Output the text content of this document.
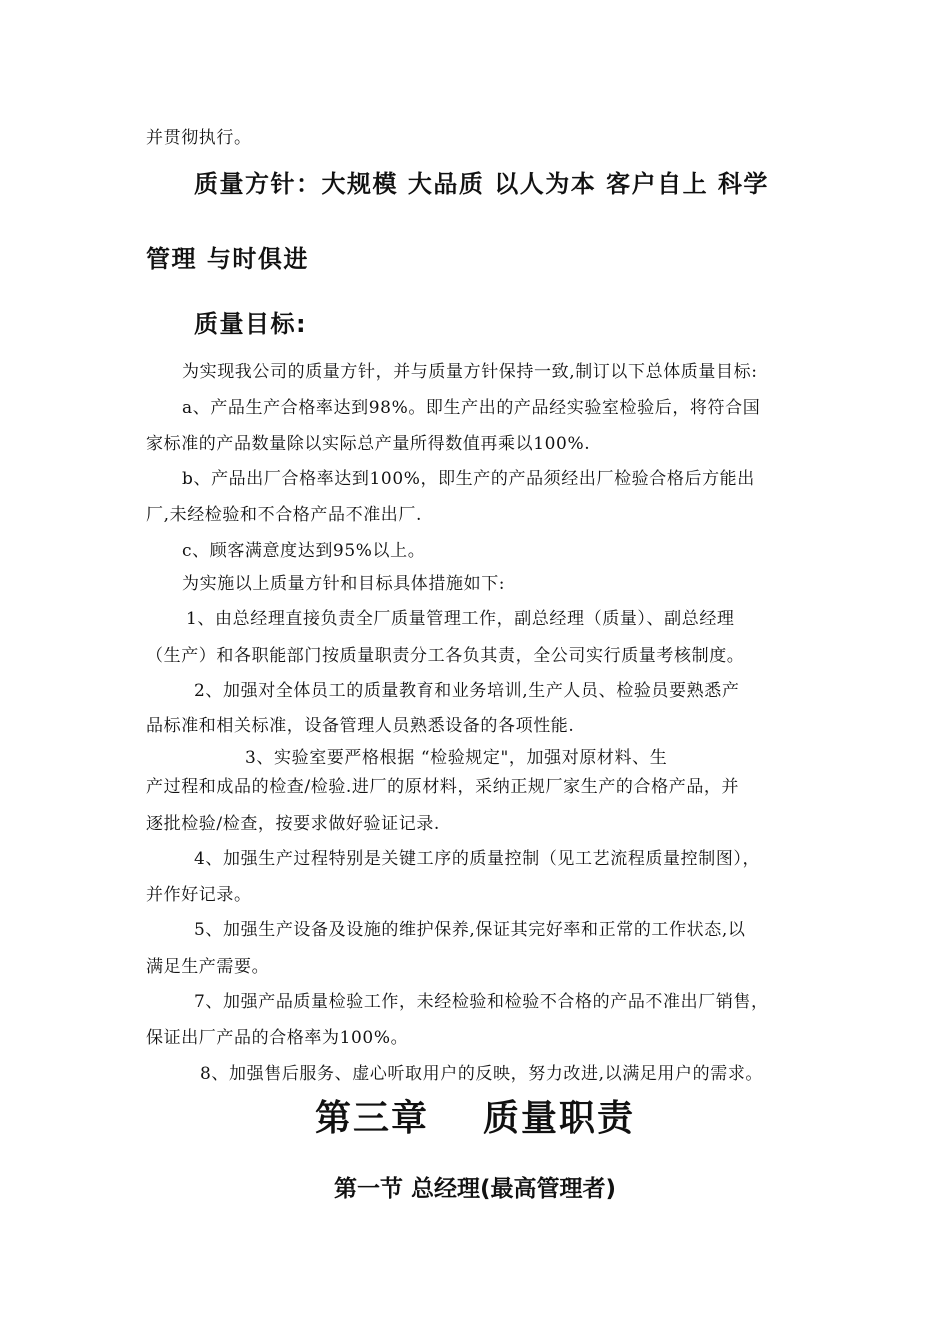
并贯彻执行。
质量方针：大规模 大品质 以人为本 客户自上 科学
管理 与时俱进
质量目标:
为实现我公司的质量方针，并与质量方针保持一致,制订以下总体质量目标:
a、产品生产合格率达到98%。即生产出的产品经实验室检验后，将符合国
家标准的产品数量除以实际总产量所得数值再乘以100%.
b、产品出厂合格率达到100%，即生产的产品须经出厂检验合格后方能出
厂,未经检验和不合格产品不准出厂.
c、顾客满意度达到95%以上。
为实施以上质量方针和目标具体措施如下:
1、由总经理直接负责全厂质量管理工作，副总经理（质量）、副总经理
（生产）和各职能部门按质量职责分工各负其责，全公司实行质量考核制度。
2、加强对全体员工的质量教育和业务培训,生产人员、检验员要熟悉产
品标准和相关标准，设备管理人员熟悉设备的各项性能.
3、实验室要严格根据 “检验规定"，加强对原材料、生
产过程和成品的检查/检验.进厂的原材料，采纳正规厂家生产的合格产品，并
逐批检验/检查，按要求做好验证记录.
4、加强生产过程特别是关键工序的质量控制（见工艺流程质量控制图），
并作好记录。
5、加强生产设备及设施的维护保养,保证其完好率和正常的工作状态,以
满足生产需要。
7、加强产品质量检验工作，未经检验和检验不合格的产品不准出厂销售，
保证出厂产品的合格率为100%。
8、加强售后服务、虚心听取用户的反映，努力改进,以满足用户的需求。
第三章 质量职责
第一节 总经理(最高管理者)
